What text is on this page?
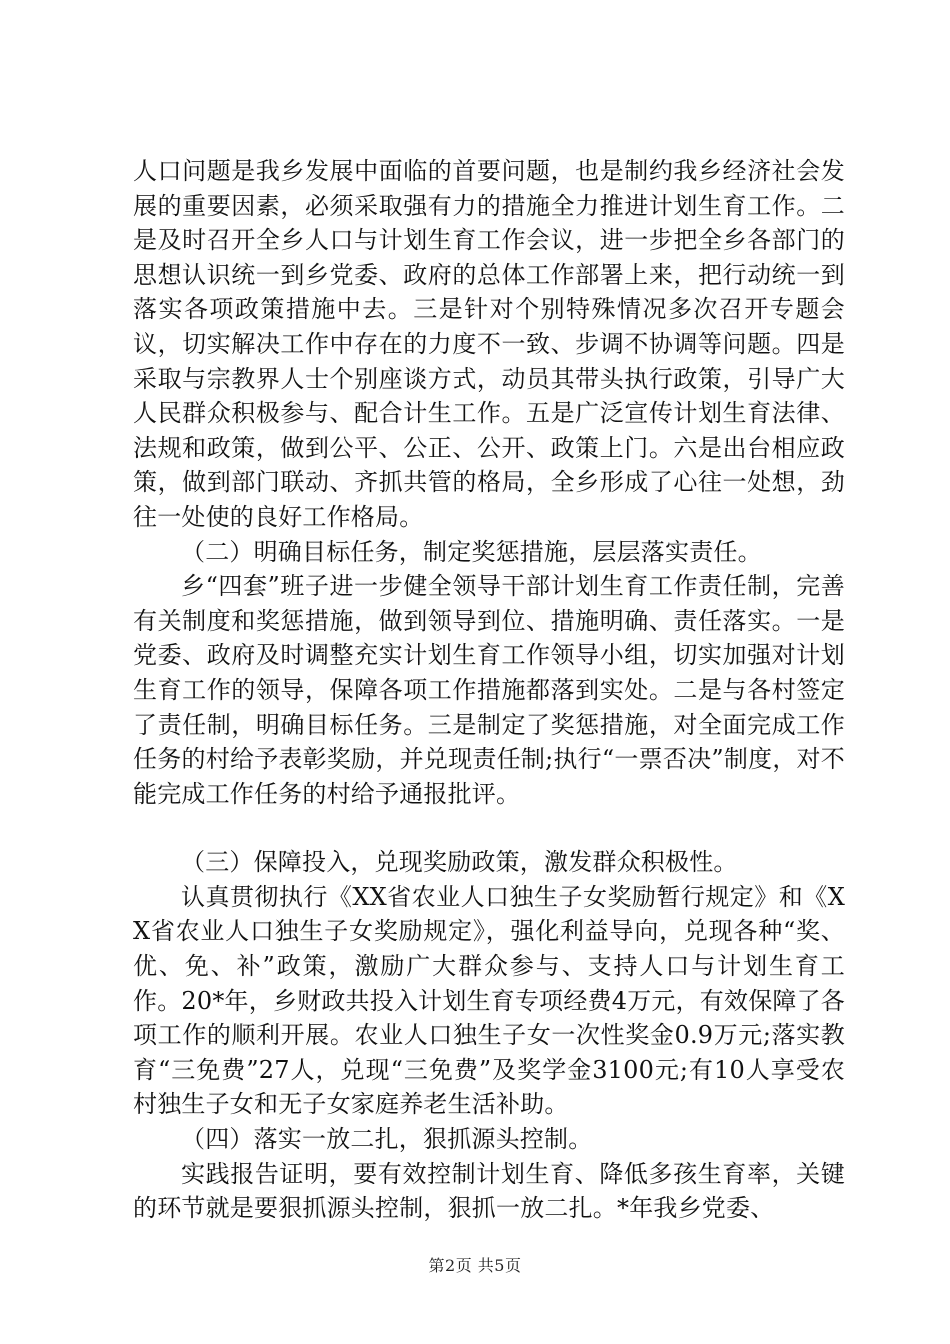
人口问题是我乡发展中面临的首要问题，也是制约我乡经济社会发展的重要因素，必须采取强有力的措施全力推进计划生育工作。二是及时召开全乡人口与计划生育工作会议，进一步把全乡各部门的思想认识统一到乡党委、政府的总体工作部署上来，把行动统一到落实各项政策措施中去。三是针对个别特殊情况多次召开专题会议，切实解决工作中存在的力度不一致、步调不协调等问题。四是采取与宗教界人士个别座谈方式，动员其带头执行政策，引导广大人民群众积极参与、配合计生工作。五是广泛宣传计划生育法律、法规和政策，做到公平、公正、公开、政策上门。六是出台相应政策，做到部门联动、齐抓共管的格局，全乡形成了心往一处想，劲往一处使的良好工作格局。

（二）明确目标任务，制定奖惩措施，层层落实责任。

乡“四套”班子进一步健全领导干部计划生育工作责任制，完善有关制度和奖惩措施，做到领导到位、措施明确、责任落实。一是党委、政府及时调整充实计划生育工作领导小组，切实加强对计划生育工作的领导，保障各项工作措施都落到实处。二是与各村签定了责任制，明确目标任务。三是制定了奖惩措施，对全面完成工作任务的村给予表彰奖励，并兑现责任制;执行“一票否决”制度，对不能完成工作任务的村给予通报批评。

（三）保障投入，兑现奖励政策，激发群众积极性。

认真贯彻执行《XX省农业人口独生子女奖励暂行规定》和《XX省农业人口独生子女奖励规定》，强化利益导向，兑现各种“奖、优、免、补”政策，激励广大群众参与、支持人口与计划生育工作。20*年，乡财政共投入计划生育专项经费4万元，有效保障了各项工作的顺利开展。农业人口独生子女一次性奖金0.9万元;落实教育“三免费”27人，兑现“三免费”及奖学金3100元;有10人享受农村独生子女和无子女家庭养老生活补助。

（四）落实一放二扎，狠抓源头控制。

实践报告证明，要有效控制计划生育、降低多孩生育率，关键的环节就是要狠抓源头控制，狠抓一放二扎。*年我乡党委、

第2页 共5页
